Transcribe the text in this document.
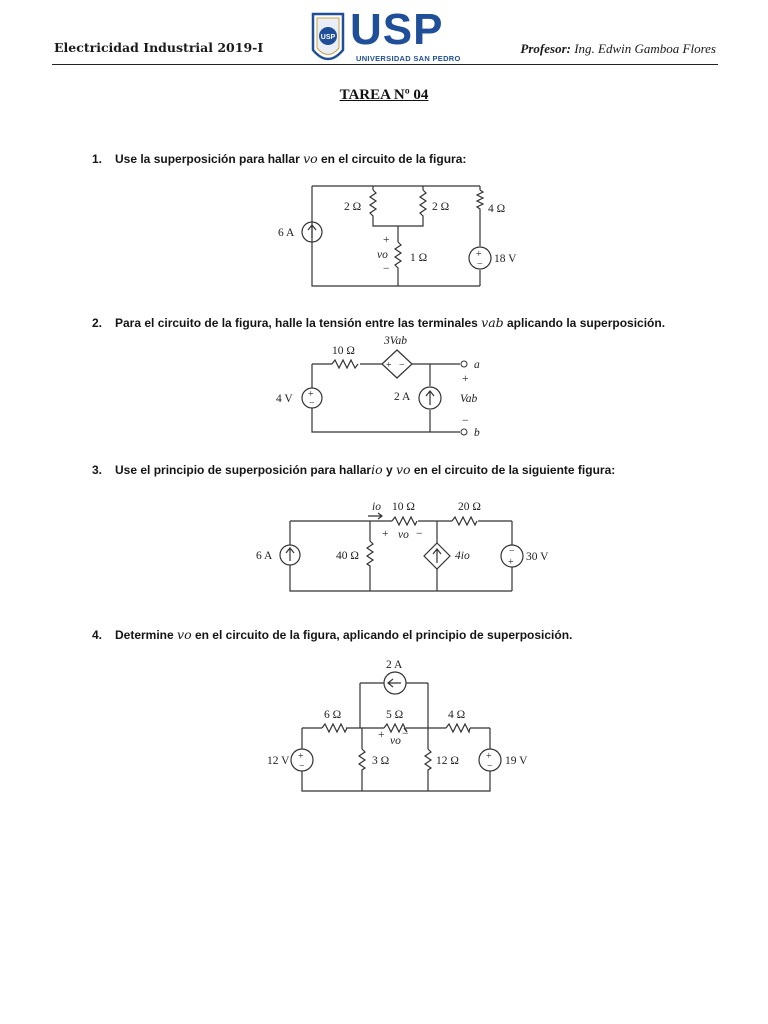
Electricidad Industrial 2019-I	Profesor: Ing. Edwin Gamboa Flores
USP USP
UNIVERSIDAD SAN PEDRO
TAREA Nº 04
1. Use la superposición para hallar vo en el circuito de la figura:
+
−
6 A
2 Ω	2 Ω	4 Ω
1 Ω
+
vo
−
18 V
2. Para el circuito de la figura, halle la tensión entre las terminales vab aplicando la superposición.
+ −
+
−
10 Ω
3Vab
4 V	2 A
a
b
+
Vab
−
3. Use el principio de superposición para hallario y vo en el circuito de la siguiente figura:
−
+
io 10 Ω	20 Ω
+ vo −
6 A	40 Ω	4io	30 V
4. Determine vo en el circuito de la figura, aplicando el principio de superposición.
+
−
+
−
2 A
6 Ω	5 Ω	4 Ω
+ vo
−
12 V	3 Ω	12 Ω	19 V
